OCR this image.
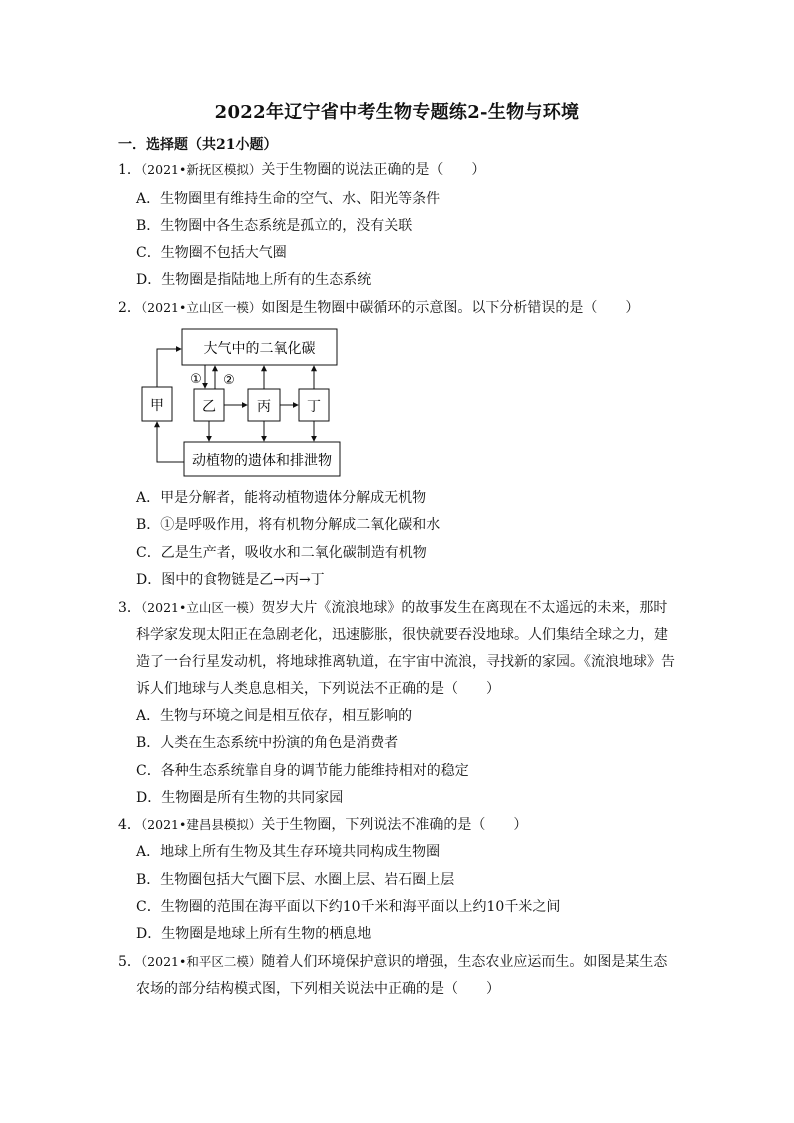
2022年辽宁省中考生物专题练2-生物与环境
一．选择题（共21小题）
1．（2021•新抚区模拟）关于生物圈的说法正确的是（　　）
A．生物圈里有维持生命的空气、水、阳光等条件
B．生物圈中各生态系统是孤立的，没有关联
C．生物圈不包括大气圈
D．生物圈是指陆地上所有的生态系统
2．（2021•立山区一模）如图是生物圈中碳循环的示意图。以下分析错误的是（　　）
大气中的二氧化碳
动植物的遗体和排泄物
甲	乙	丙	丁
① ②
A．甲是分解者，能将动植物遗体分解成无机物
B．①是呼吸作用，将有机物分解成二氧化碳和水
C．乙是生产者，吸收水和二氧化碳制造有机物
D．图中的食物链是乙→丙→丁
3．（2021•立山区一模）贺岁大片《流浪地球》的故事发生在离现在不太遥远的未来，那时
科学家发现太阳正在急剧老化，迅速膨胀，很快就要吞没地球。人们集结全球之力，建
造了一台行星发动机，将地球推离轨道，在宇宙中流浪，寻找新的家园。《流浪地球》告
诉人们地球与人类息息相关，下列说法不正确的是（　　）
A．生物与环境之间是相互依存，相互影响的
B．人类在生态系统中扮演的角色是消费者
C．各种生态系统靠自身的调节能力能维持相对的稳定
D．生物圈是所有生物的共同家园
4．（2021•建昌县模拟）关于生物圈，下列说法不准确的是（　　）
A．地球上所有生物及其生存环境共同构成生物圈
B．生物圈包括大气圈下层、水圈上层、岩石圈上层
C．生物圈的范围在海平面以下约10千米和海平面以上约10千米之间
D．生物圈是地球上所有生物的栖息地
5．（2021•和平区二模）随着人们环境保护意识的增强，生态农业应运而生。如图是某生态
农场的部分结构模式图，下列相关说法中正确的是（　　）
